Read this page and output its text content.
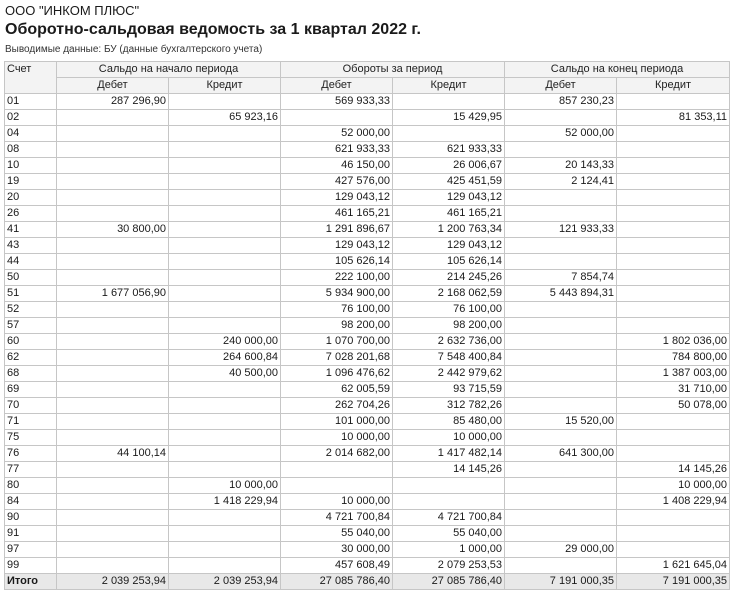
ООО "ИНКОМ ПЛЮС"
Оборотно-сальдовая ведомость за 1 квартал 2022 г.
Выводимые данные: БУ (данные бухгалтерского учета)
Счет	Сальдо на начало периода		Обороты за период		Сальдо на конец периода	
	Дебет	Кредит	Дебет	Кредит	Дебет	Кредит
01	287 296,90		569 933,33		857 230,23	
02		65 923,16		15 429,95		81 353,11
04			52 000,00		52 000,00	
08			621 933,33	621 933,33		
10			46 150,00	26 006,67	20 143,33	
19			427 576,00	425 451,59	2 124,41	
20			129 043,12	129 043,12		
26			461 165,21	461 165,21		
41	30 800,00		1 291 896,67	1 200 763,34	121 933,33	
43			129 043,12	129 043,12		
44			105 626,14	105 626,14		
50			222 100,00	214 245,26	7 854,74	
51	1 677 056,90		5 934 900,00	2 168 062,59	5 443 894,31	
52			76 100,00	76 100,00		
57			98 200,00	98 200,00		
60		240 000,00	1 070 700,00	2 632 736,00		1 802 036,00
62		264 600,84	7 028 201,68	7 548 400,84		784 800,00
68		40 500,00	1 096 476,62	2 442 979,62		1 387 003,00
69			62 005,59	93 715,59		31 710,00
70			262 704,26	312 782,26		50 078,00
71			101 000,00	85 480,00	15 520,00	
75			10 000,00	10 000,00		
76	44 100,14		2 014 682,00	1 417 482,14	641 300,00	
77				14 145,26		14 145,26
80		10 000,00				10 000,00
84		1 418 229,94	10 000,00			1 408 229,94
90			4 721 700,84	4 721 700,84		
91			55 040,00	55 040,00		
97			30 000,00	1 000,00	29 000,00	
99			457 608,49	2 079 253,53		1 621 645,04
Итого	2 039 253,94	2 039 253,94	27 085 786,40	27 085 786,40	7 191 000,35	7 191 000,35
